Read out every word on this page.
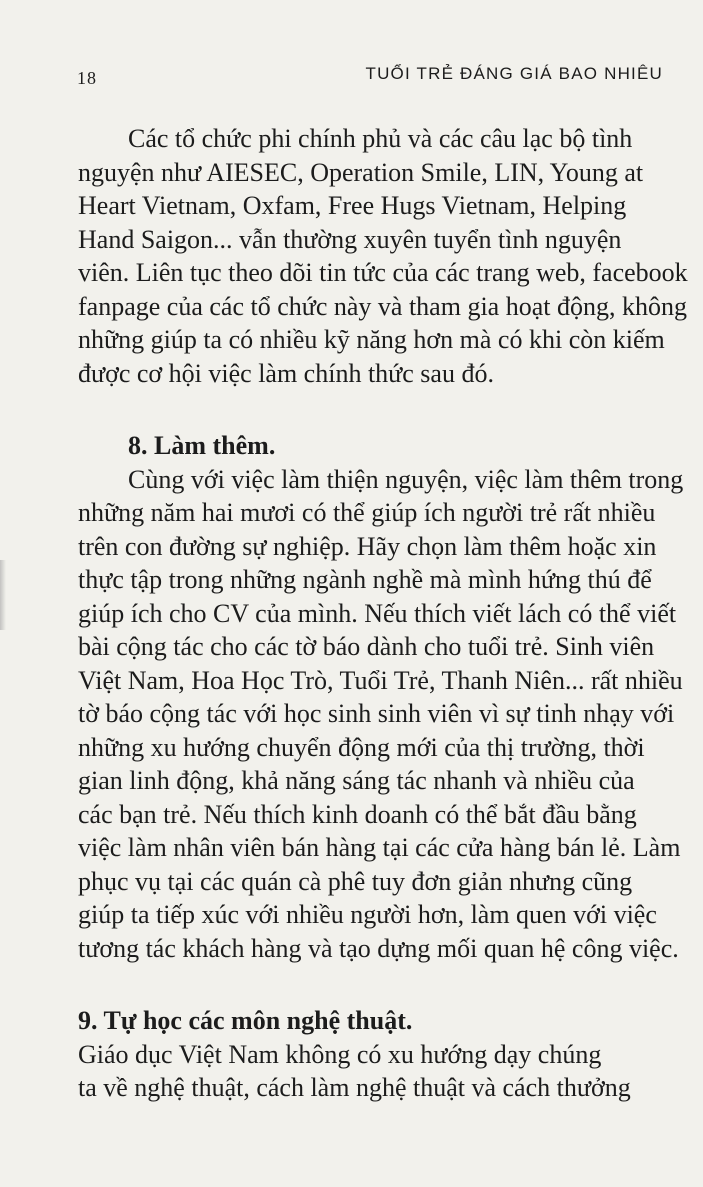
18	TUỔI TRẺ ĐÁNG GIÁ BAO NHIÊU

Các tổ chức phi chính phủ và các câu lạc bộ tình

nguyện như AIESEC, Operation Smile, LIN, Young at

Heart Vietnam, Oxfam, Free Hugs Vietnam, Helping

Hand Saigon... vẫn thường xuyên tuyển tình nguyện

viên. Liên tục theo dõi tin tức của các trang web, facebook

fanpage của các tổ chức này và tham gia hoạt động, không

những giúp ta có nhiều kỹ năng hơn mà có khi còn kiếm

được cơ hội việc làm chính thức sau đó.

8. Làm thêm.

Cùng với việc làm thiện nguyện, việc làm thêm trong

những năm hai mươi có thể giúp ích người trẻ rất nhiều

trên con đường sự nghiệp. Hãy chọn làm thêm hoặc xin

thực tập trong những ngành nghề mà mình hứng thú để

giúp ích cho CV của mình. Nếu thích viết lách có thể viết

bài cộng tác cho các tờ báo dành cho tuổi trẻ. Sinh viên

Việt Nam, Hoa Học Trò, Tuổi Trẻ, Thanh Niên... rất nhiều

tờ báo cộng tác với học sinh sinh viên vì sự tinh nhạy với

những xu hướng chuyển động mới của thị trường, thời

gian linh động, khả năng sáng tác nhanh và nhiều của

các bạn trẻ. Nếu thích kinh doanh có thể bắt đầu bằng

việc làm nhân viên bán hàng tại các cửa hàng bán lẻ. Làm

phục vụ tại các quán cà phê tuy đơn giản nhưng cũng

giúp ta tiếp xúc với nhiều người hơn, làm quen với việc

tương tác khách hàng và tạo dựng mối quan hệ công việc.

9. Tự học các môn nghệ thuật.

Giáo dục Việt Nam không có xu hướng dạy chúng

ta về nghệ thuật, cách làm nghệ thuật và cách thưởng
